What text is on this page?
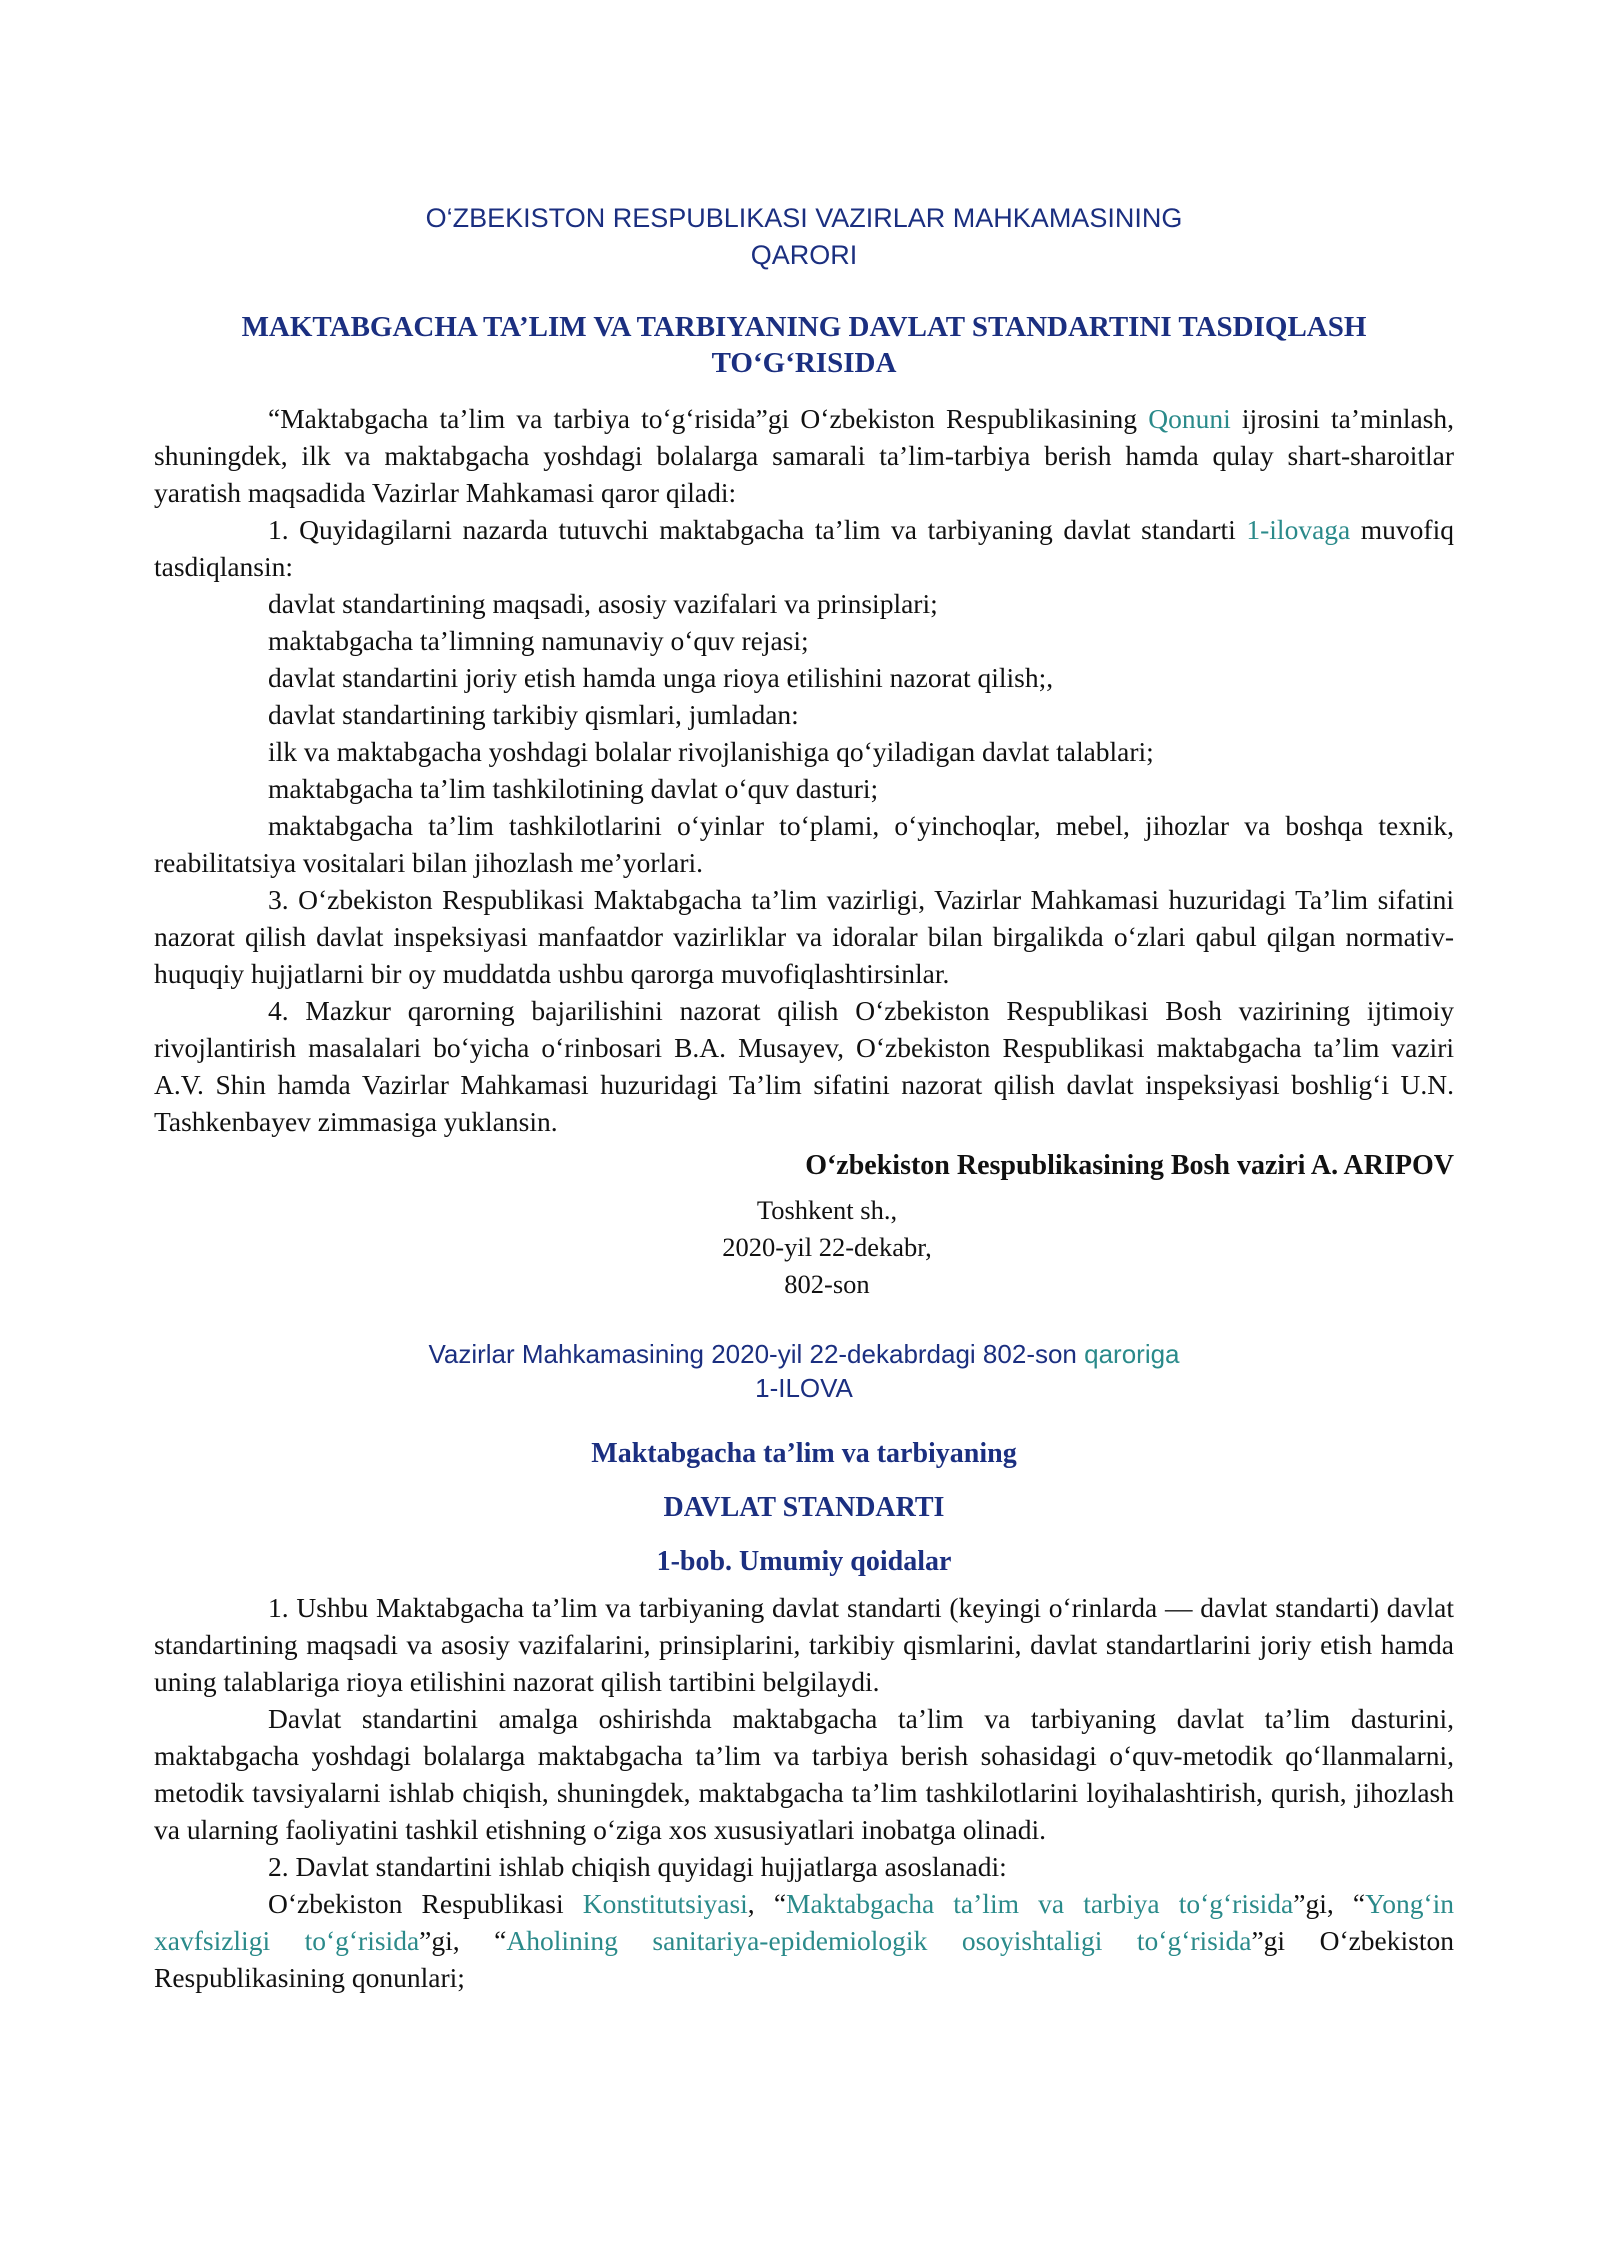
O‘ZBEKISTON RESPUBLIKASI VAZIRLAR MAHKAMASINING
QARORI
MAKTABGACHA TA’LIM VA TARBIYANING DAVLAT STANDARTINI TASDIQLASH
TO‘G‘RISIDA

“Maktabgacha ta’lim va tarbiya to‘g‘risida”gi O‘zbekiston Respublikasining Qonuni ijrosini ta’minlash, shuningdek, ilk va maktabgacha yoshdagi bolalarga samarali ta’lim-tarbiya berish hamda qulay shart-sharoitlar yaratish maqsadida Vazirlar Mahkamasi qaror qiladi:

1. Quyidagilarni nazarda tutuvchi maktabgacha ta’lim va tarbiyaning davlat standarti 1-ilovaga muvofiq tasdiqlansin:

davlat standartining maqsadi, asosiy vazifalari va prinsiplari;

maktabgacha ta’limning namunaviy o‘quv rejasi;

davlat standartini joriy etish hamda unga rioya etilishini nazorat qilish;,

davlat standartining tarkibiy qismlari, jumladan:

ilk va maktabgacha yoshdagi bolalar rivojlanishiga qo‘yiladigan davlat talablari;

maktabgacha ta’lim tashkilotining davlat o‘quv dasturi;

maktabgacha ta’lim tashkilotlarini o‘yinlar to‘plami, o‘yinchoqlar, mebel, jihozlar va boshqa texnik, reabilitatsiya vositalari bilan jihozlash me’yorlari.

3. O‘zbekiston Respublikasi Maktabgacha ta’lim vazirligi, Vazirlar Mahkamasi huzuridagi Ta’lim sifatini nazorat qilish davlat inspeksiyasi manfaatdor vazirliklar va idoralar bilan birgalikda o‘zlari qabul qilgan normativ-huquqiy hujjatlarni bir oy muddatda ushbu qarorga muvofiqlashtirsinlar.

4. Mazkur qarorning bajarilishini nazorat qilish O‘zbekiston Respublikasi Bosh vazirining ijtimoiy rivojlantirish masalalari bo‘yicha o‘rinbosari B.A. Musayev, O‘zbekiston Respublikasi maktabgacha ta’lim vaziri A.V. Shin hamda Vazirlar Mahkamasi huzuridagi Ta’lim sifatini nazorat qilish davlat inspeksiyasi boshlig‘i U.N. Tashkenbayev zimmasiga yuklansin.

O‘zbekiston Respublikasining Bosh vaziri A. ARIPOV
Toshkent sh.,
2020-yil 22-dekabr,
802-son
Vazirlar Mahkamasining 2020-yil 22-dekabrdagi 802-son qaroriga
1-ILOVA
Maktabgacha ta’lim va tarbiyaning
DAVLAT STANDARTI
1-bob. Umumiy qoidalar

1. Ushbu Maktabgacha ta’lim va tarbiyaning davlat standarti (keyingi o‘rinlarda — davlat standarti) davlat standartining maqsadi va asosiy vazifalarini, prinsiplarini, tarkibiy qismlarini, davlat standartlarini joriy etish hamda uning talablariga rioya etilishini nazorat qilish tartibini belgilaydi.

Davlat standartini amalga oshirishda maktabgacha ta’lim va tarbiyaning davlat ta’lim dasturini, maktabgacha yoshdagi bolalarga maktabgacha ta’lim va tarbiya berish sohasidagi o‘quv-metodik qo‘llanmalarni, metodik tavsiyalarni ishlab chiqish, shuningdek, maktabgacha ta’lim tashkilotlarini loyihalashtirish, qurish, jihozlash va ularning faoliyatini tashkil etishning o‘ziga xos xususiyatlari inobatga olinadi.

2. Davlat standartini ishlab chiqish quyidagi hujjatlarga asoslanadi:

O‘zbekiston Respublikasi Konstitutsiyasi, “Maktabgacha ta’lim va tarbiya to‘g‘risida”gi, “Yong‘in xavfsizligi to‘g‘risida”gi, “Aholining sanitariya-epidemiologik osoyishtaligi to‘g‘risida”gi O‘zbekiston Respublikasining qonunlari;
